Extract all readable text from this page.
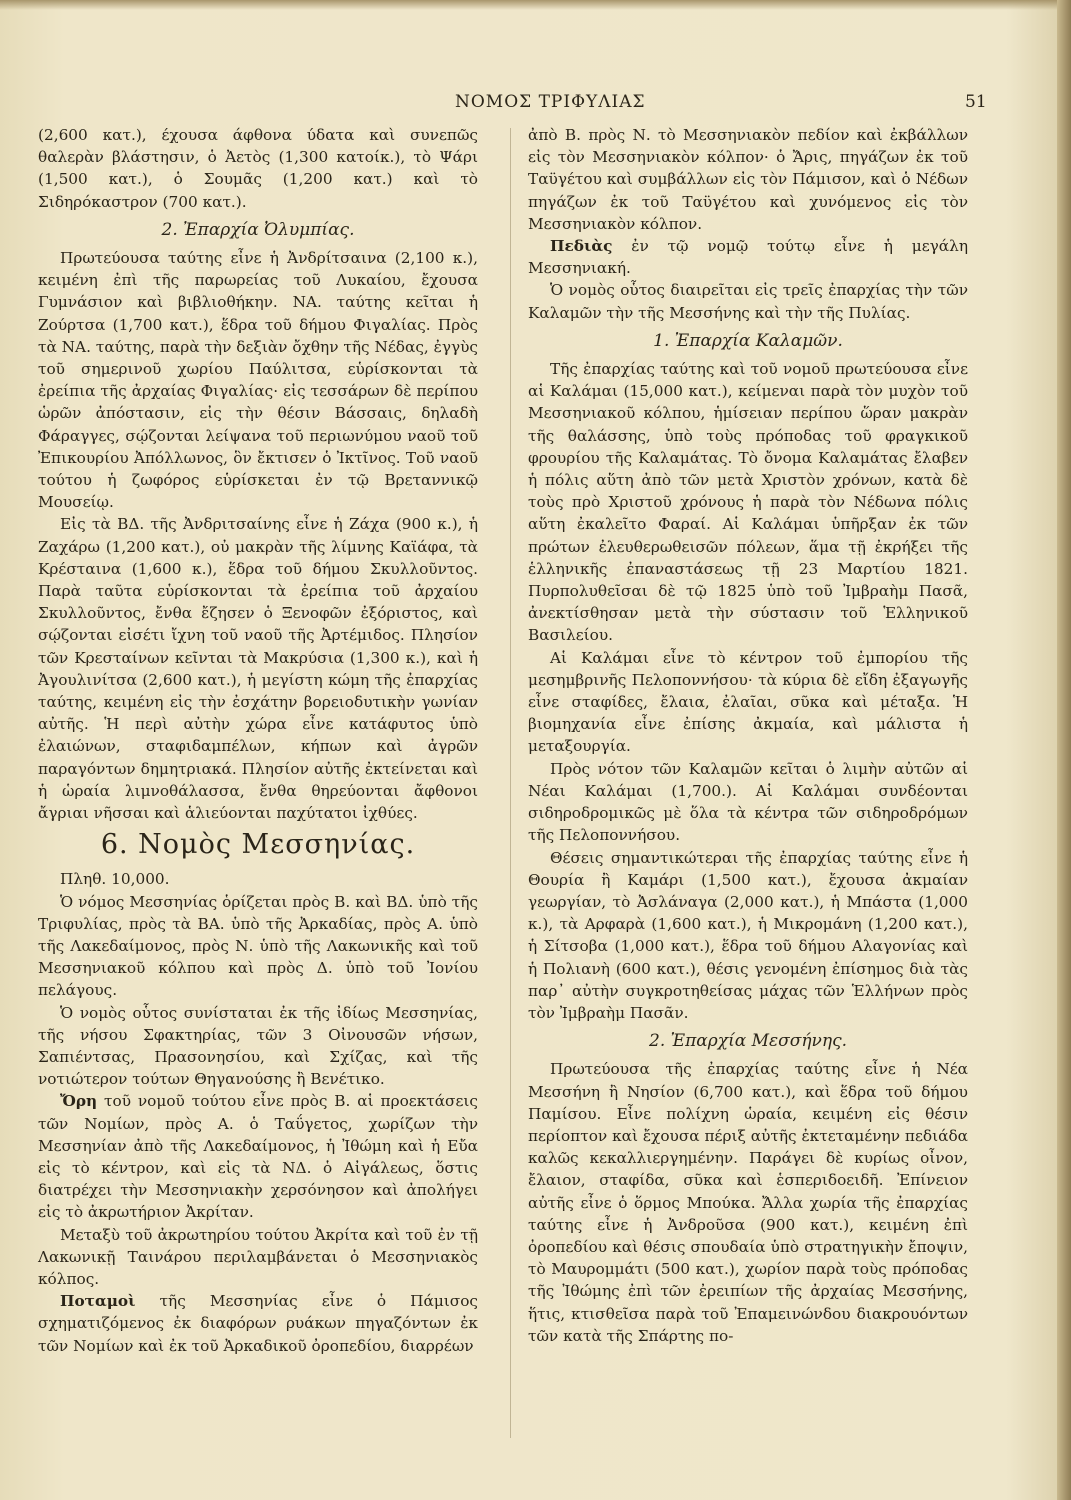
ΝΟΜΟΣ ΤΡΙΦΥΛΙΑΣ	51

(2,600 κατ.), έχουσα άφθονα ύδατα καὶ συνεπῶς θαλερὰν βλάστησιν, ὁ Ἀετὸς (1,300 κατοίκ.), τὸ Ψάρι (1,500 κατ.), ὁ Σουμᾶς (1,200 κατ.) καὶ τὸ Σιδηρόκαστρον (700 κατ.).

2. Ἐπαρχία Ὀλυμπίας.

Πρωτεύουσα ταύτης εἶνε ἡ Ἀνδρίτσαινα (2,100 κ.), κειμένη ἐπὶ τῆς παρωρείας τοῦ Λυκαίου, ἔχουσα Γυμνάσιον καὶ βιβλιοθήκην. ΝΑ. ταύτης κεῖται ἡ Ζούρτσα (1,700 κατ.), ἕδρα τοῦ δήμου Φιγαλίας. Πρὸς τὰ ΝΑ. ταύτης, παρὰ τὴν δεξιὰν ὄχθην τῆς Νέδας, ἐγγὺς τοῦ σημερινοῦ χωρίου Παύλιτσα, εὑρίσκονται τὰ ἐρείπια τῆς ἀρχαίας Φιγαλίας· εἰς τεσσάρων δὲ περίπου ὡρῶν ἀπόστασιν, εἰς τὴν θέσιν Βάσσαις, δηλαδὴ Φάραγγες, σῴζονται λείψανα τοῦ περιωνύμου ναοῦ τοῦ Ἐπικουρίου Ἀπόλλωνος, ὃν ἔκτισεν ὁ Ἰκτῖνος. Τοῦ ναοῦ τούτου ἡ ζωφόρος εὑρίσκεται ἐν τῷ Βρεταννικῷ Μουσείῳ.

Εἰς τὰ ΒΔ. τῆς Ἀνδριτσαίνης εἶνε ἡ Ζάχα (900 κ.), ἡ Ζαχάρω (1,200 κατ.), οὐ μακρὰν τῆς λίμνης Καϊάφα, τὰ Κρέσταινα (1,600 κ.), ἕδρα τοῦ δήμου Σκυλλοῦντος. Παρὰ ταῦτα εὑρίσκονται τὰ ἐρείπια τοῦ ἀρχαίου Σκυλλοῦντος, ἔνθα ἔζησεν ὁ Ξενοφῶν ἐξόριστος, καὶ σῴζονται εἰσέτι ἴχνη τοῦ ναοῦ τῆς Ἀρτέμιδος. Πλησίον τῶν Κρεσταίνων κεῖνται τὰ Μακρύσια (1,300 κ.), καὶ ἡ Ἀγουλινίτσα (2,600 κατ.), ἡ μεγίστη κώμη τῆς ἐπαρχίας ταύτης, κειμένη εἰς τὴν ἐσχάτην βορειοδυτικὴν γωνίαν αὐτῆς. Ἡ περὶ αὐτὴν χώρα εἶνε κατάφυτος ὑπὸ ἐλαιώνων, σταφιδαμπέλων, κήπων καὶ ἀγρῶν παραγόντων δημητριακά. Πλησίον αὐτῆς ἐκτείνεται καὶ ἡ ὡραία λιμνοθάλασσα, ἔνθα θηρεύονται ἄφθονοι ἄγριαι νῆσσαι καὶ ἁλιεύονται παχύτατοι ἰχθύες.

6. Νομὸς Μεσσηνίας.

Πληθ. 10,000.

Ὁ νόμος Μεσσηνίας ὁρίζεται πρὸς Β. καὶ ΒΔ. ὑπὸ τῆς Τριφυλίας, πρὸς τὰ ΒΑ. ὑπὸ τῆς Ἀρκαδίας, πρὸς Α. ὑπὸ τῆς Λακεδαίμονος, πρὸς Ν. ὑπὸ τῆς Λακωνικῆς καὶ τοῦ Μεσσηνιακοῦ κόλπου καὶ πρὸς Δ. ὑπὸ τοῦ Ἰονίου πελάγους.

Ὁ νομὸς οὗτος συνίσταται ἐκ τῆς ἰδίως Μεσσηνίας, τῆς νήσου Σφακτηρίας, τῶν 3 Οἰνουσῶν νήσων, Σαπιέντσας, Πρασονησίου, καὶ Σχίζας, καὶ τῆς νοτιώτερον τούτων Θηγανούσης ἢ Βενέτικο.

Ὄρη τοῦ νομοῦ τούτου εἶνε πρὸς Β. αἱ προεκτάσεις τῶν Νομίων, πρὸς Α. ὁ Ταΰγετος, χωρίζων τὴν Μεσσηνίαν ἀπὸ τῆς Λακεδαίμονος, ἡ Ἰθώμη καὶ ἡ Εὔα εἰς τὸ κέντρον, καὶ εἰς τὰ ΝΔ. ὁ Αἰγάλεως, ὅστις διατρέχει τὴν Μεσσηνιακὴν χερσόνησον καὶ ἀπολήγει εἰς τὸ ἀκρωτήριον Ἀκρίταν.

Μεταξὺ τοῦ ἀκρωτηρίου τούτου Ἀκρίτα καὶ τοῦ ἐν τῇ Λακωνικῇ Ταινάρου περιλαμβάνεται ὁ Μεσσηνιακὸς κόλπος.

Ποταμοὶ τῆς Μεσσηνίας εἶνε ὁ Πάμισος σχηματιζόμενος ἐκ διαφόρων ρυάκων πηγαζόντων ἐκ τῶν Νομίων καὶ ἐκ τοῦ Ἀρκαδικοῦ ὀροπεδίου, διαρρέων

ἀπὸ Β. πρὸς Ν. τὸ Μεσσηνιακὸν πεδίον καὶ ἐκβάλλων εἰς τὸν Μεσσηνιακὸν κόλπον· ὁ Ἄρις, πηγάζων ἐκ τοῦ Ταϋγέτου καὶ συμβάλλων εἰς τὸν Πάμισον, καὶ ὁ Νέδων πηγάζων ἐκ τοῦ Ταϋγέτου καὶ χυνόμενος εἰς τὸν Μεσσηνιακὸν κόλπον.

Πεδιὰς ἐν τῷ νομῷ τούτῳ εἶνε ἡ μεγάλη Μεσσηνιακή.

Ὁ νομὸς οὗτος διαιρεῖται εἰς τρεῖς ἐπαρχίας τὴν τῶν Καλαμῶν τὴν τῆς Μεσσήνης καὶ τὴν τῆς Πυλίας.

1. Ἐπαρχία Καλαμῶν.

Τῆς ἐπαρχίας ταύτης καὶ τοῦ νομοῦ πρωτεύουσα εἶνε αἱ Καλάμαι (15,000 κατ.), κείμεναι παρὰ τὸν μυχὸν τοῦ Μεσσηνιακοῦ κόλπου, ἡμίσειαν περίπου ὥραν μακρὰν τῆς θαλάσσης, ὑπὸ τοὺς πρόποδας τοῦ φραγκικοῦ φρουρίου τῆς Καλαμάτας. Τὸ ὄνομα Καλαμάτας ἔλαβεν ἡ πόλις αὕτη ἀπὸ τῶν μετὰ Χριστὸν χρόνων, κατὰ δὲ τοὺς πρὸ Χριστοῦ χρόνους ἡ παρὰ τὸν Νέδωνα πόλις αὕτη ἐκαλεῖτο Φαραί. Αἱ Καλάμαι ὑπῆρξαν ἐκ τῶν πρώτων ἐλευθερωθεισῶν πόλεων, ἅμα τῇ ἐκρήξει τῆς ἑλληνικῆς ἐπαναστάσεως τῇ 23 Μαρτίου 1821. Πυρπολυθεῖσαι δὲ τῷ 1825 ὑπὸ τοῦ Ἰμβραὴμ Πασᾶ, ἀνεκτίσθησαν μετὰ τὴν σύστασιν τοῦ Ἑλληνικοῦ Βασιλείου.

Αἱ Καλάμαι εἶνε τὸ κέντρον τοῦ ἐμπορίου τῆς μεσημβρινῆς Πελοποννήσου· τὰ κύρια δὲ εἴδη ἐξαγωγῆς εἶνε σταφίδες, ἔλαια, ἐλαῖαι, σῦκα καὶ μέταξα. Ἡ βιομηχανία εἶνε ἐπίσης ἀκμαία, καὶ μάλιστα ἡ μεταξουργία.

Πρὸς νότον τῶν Καλαμῶν κεῖται ὁ λιμὴν αὐτῶν αἱ Νέαι Καλάμαι (1,700.). Αἱ Καλάμαι συνδέονται σιδηροδρομικῶς μὲ ὅλα τὰ κέντρα τῶν σιδηροδρόμων τῆς Πελοποννήσου.

Θέσεις σημαντικώτεραι τῆς ἐπαρχίας ταύτης εἶνε ἡ Θουρία ἢ Καμάρι (1,500 κατ.), ἔχουσα ἀκμαίαν γεωργίαν, τὸ Ἀσλάναγα (2,000 κατ.), ἡ Μπάστα (1,000 κ.), τὰ Αρφαρὰ (1,600 κατ.), ἡ Μικρομάνη (1,200 κατ.), ἡ Σίτσοβα (1,000 κατ.), ἕδρα τοῦ δήμου Αλαγονίας καὶ ἡ Πολιανὴ (600 κατ.), θέσις γενομένη ἐπίσημος διὰ τὰς παρ᾽ αὐτὴν συγκροτηθείσας μάχας τῶν Ἑλλήνων πρὸς τὸν Ἰμβραὴμ Πασᾶν.

2. Ἐπαρχία Μεσσήνης.

Πρωτεύουσα τῆς ἐπαρχίας ταύτης εἶνε ἡ Νέα Μεσσήνη ἢ Νησίον (6,700 κατ.), καὶ ἕδρα τοῦ δήμου Παμίσου. Εἶνε πολίχνη ὡραία, κειμένη εἰς θέσιν περίοπτον καὶ ἔχουσα πέριξ αὐτῆς ἐκτεταμένην πεδιάδα καλῶς κεκαλλιεργημένην. Παράγει δὲ κυρίως οἶνον, ἔλαιον, σταφίδα, σῦκα καὶ ἑσπεριδοειδῆ. Ἐπίνειον αὐτῆς εἶνε ὁ ὅρμος Μπούκα. Ἄλλα χωρία τῆς ἐπαρχίας ταύτης εἶνε ἡ Ἀνδροῦσα (900 κατ.), κειμένη ἐπὶ ὀροπεδίου καὶ θέσις σπουδαία ὑπὸ στρατηγικὴν ἔποψιν, τὸ Μαυρομμάτι (500 κατ.), χωρίον παρὰ τοὺς πρόποδας τῆς Ἰθώμης ἐπὶ τῶν ἐρειπίων τῆς ἀρχαίας Μεσσήνης, ἥτις, κτισθεῖσα παρὰ τοῦ Ἐπαμεινώνδου διακρουόντων τῶν κατὰ τῆς Σπάρτης πο-
